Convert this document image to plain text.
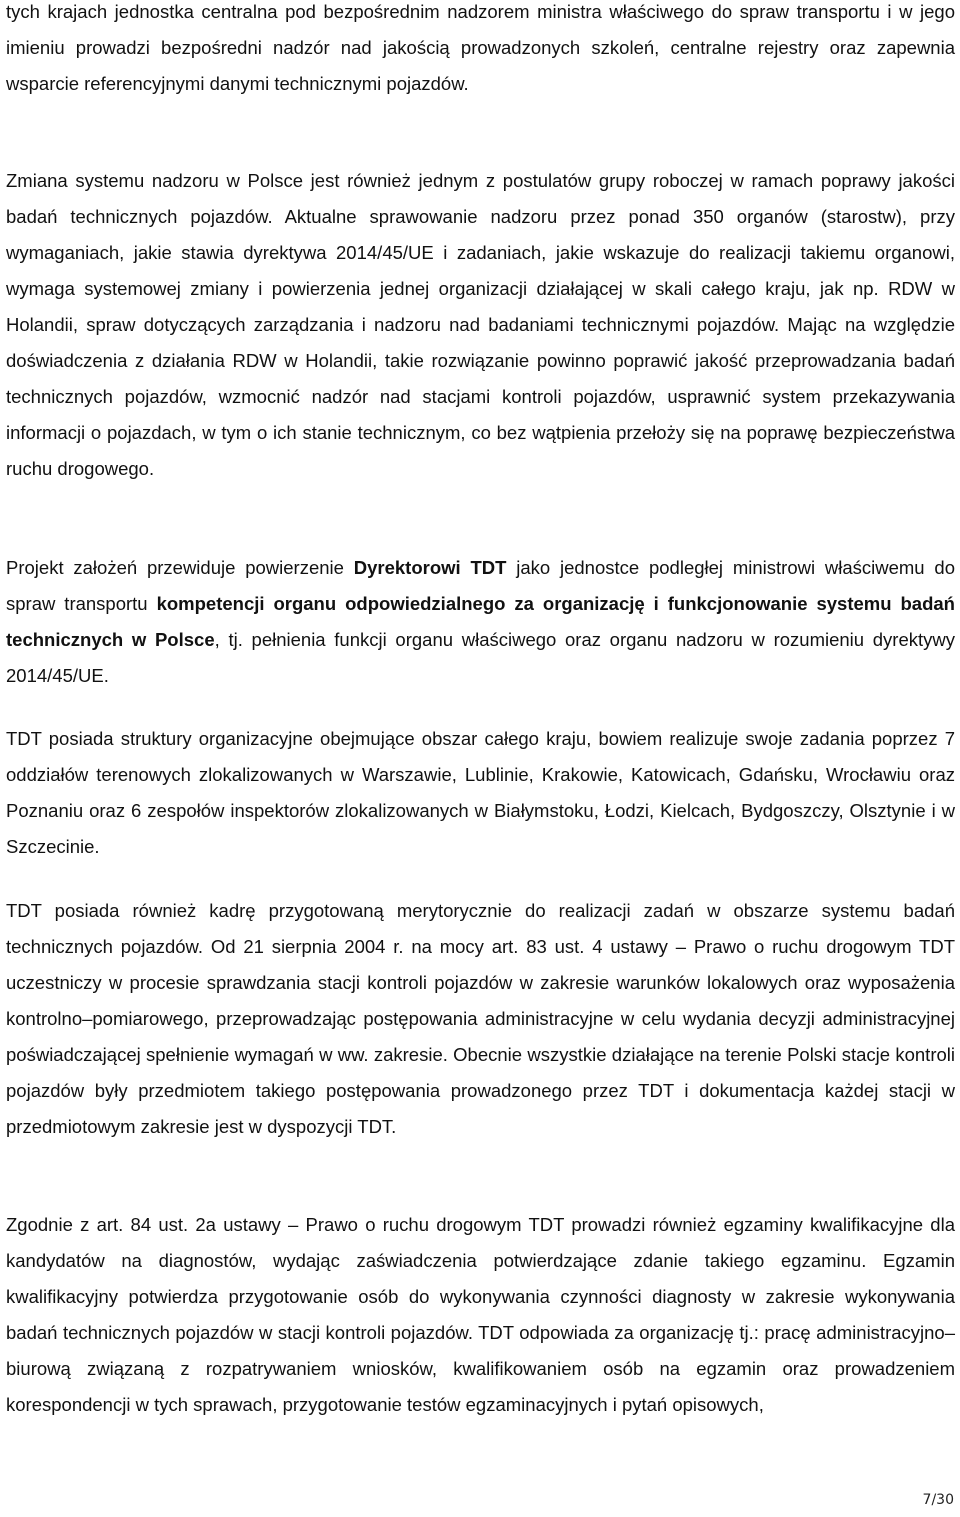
tych krajach jednostka centralna pod bezpośrednim nadzorem ministra właściwego do spraw transportu i w jego imieniu prowadzi bezpośredni nadzór nad jakością prowadzonych szkoleń, centralne rejestry oraz zapewnia wsparcie referencyjnymi danymi technicznymi pojazdów.

Zmiana systemu nadzoru w Polsce jest również jednym z postulatów grupy roboczej w ramach poprawy jakości badań technicznych pojazdów. Aktualne sprawowanie nadzoru przez ponad 350 organów (starostw), przy wymaganiach, jakie stawia dyrektywa 2014/45/UE i zadaniach, jakie wskazuje do realizacji takiemu organowi, wymaga systemowej zmiany i powierzenia jednej organizacji działającej w skali całego kraju, jak np. RDW w Holandii, spraw dotyczących zarządzania i nadzoru nad badaniami technicznymi pojazdów. Mając na względzie doświadczenia z działania RDW w Holandii, takie rozwiązanie powinno poprawić jakość przeprowadzania badań technicznych pojazdów, wzmocnić nadzór nad stacjami kontroli pojazdów, usprawnić system przekazywania informacji o pojazdach, w tym o ich stanie technicznym, co bez wątpienia przełoży się na poprawę bezpieczeństwa ruchu drogowego.

Projekt założeń przewiduje powierzenie Dyrektorowi TDT jako jednostce podległej ministrowi właściwemu do spraw transportu kompetencji organu odpowiedzialnego za organizację i funkcjonowanie systemu badań technicznych w Polsce, tj. pełnienia funkcji organu właściwego oraz organu nadzoru w rozumieniu dyrektywy 2014/45/UE.

TDT posiada struktury organizacyjne obejmujące obszar całego kraju, bowiem realizuje swoje zadania poprzez 7 oddziałów terenowych zlokalizowanych w Warszawie, Lublinie, Krakowie, Katowicach, Gdańsku, Wrocławiu oraz Poznaniu oraz 6 zespołów inspektorów zlokalizowanych w Białymstoku, Łodzi, Kielcach, Bydgoszczy, Olsztynie i w Szczecinie.

TDT posiada również kadrę przygotowaną merytorycznie do realizacji zadań w obszarze systemu badań technicznych pojazdów. Od 21 sierpnia 2004 r. na mocy art. 83 ust. 4 ustawy – Prawo o ruchu drogowym TDT uczestniczy w procesie sprawdzania stacji kontroli pojazdów w zakresie warunków lokalowych oraz wyposażenia kontrolno–pomiarowego, przeprowadzając postępowania administracyjne w celu wydania decyzji administracyjnej poświadczającej spełnienie wymagań w ww. zakresie. Obecnie wszystkie działające na terenie Polski stacje kontroli pojazdów były przedmiotem takiego postępowania prowadzonego przez TDT i dokumentacja każdej stacji w przedmiotowym zakresie jest w dyspozycji TDT.

Zgodnie z art. 84 ust. 2a ustawy – Prawo o ruchu drogowym TDT prowadzi również egzaminy kwalifikacyjne dla kandydatów na diagnostów, wydając zaświadczenia potwierdzające zdanie takiego egzaminu. Egzamin kwalifikacyjny potwierdza przygotowanie osób do wykonywania czynności diagnosty w zakresie wykonywania badań technicznych pojazdów w stacji kontroli pojazdów. TDT odpowiada za organizację tj.: pracę administracyjno–biurową związaną z rozpatrywaniem wniosków, kwalifikowaniem osób na egzamin oraz prowadzeniem korespondencji w tych sprawach, przygotowanie testów egzaminacyjnych i pytań opisowych,

7/30
